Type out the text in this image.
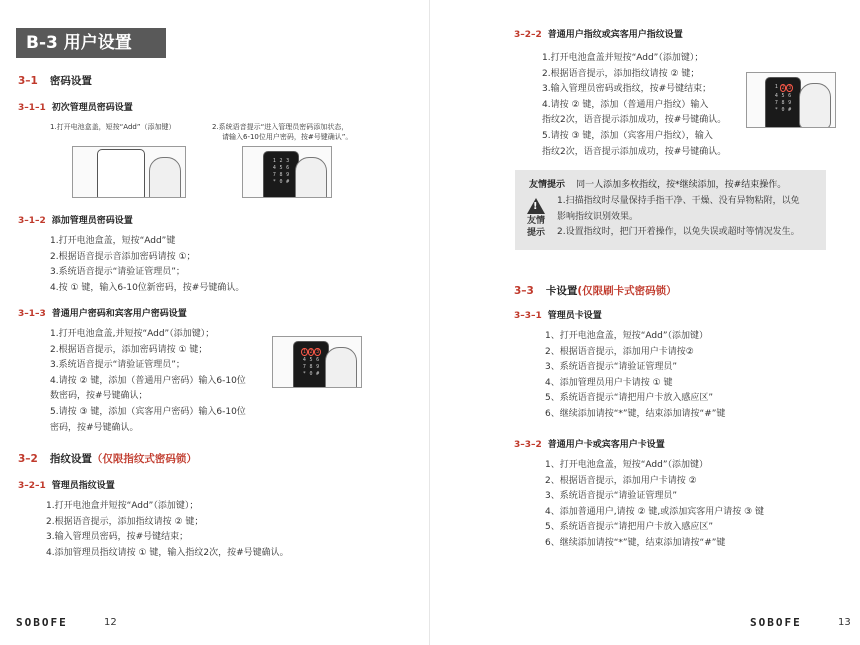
B-3 用户设置
3–1 密码设置
3–1–1 初次管理员密码设置
1.打开电池盒盖，短按“Add”（添加键）	2.系统语音提示“进入管理员密码添加状态，
请输入6-10位用户密码，按#号键确认”。
1 2 3
4 5 6
7 8 9
* 0 #
3–1–2 添加管理员密码设置
1.打开电池盒盖，短按“Add”键
2.根据语音提示音添加密码请按 ①；
3.系统语音提示“请验证管理员”；
4.按 ① 键，输入6-10位新密码，按#号键确认。
3–1–3 普通用户密码和宾客用户密码设置
1.打开电池盒盖,并短按“Add”（添加键）；
2.根据语音提示，添加密码请按 ① 键；
3.系统语音提示“请验证管理员”；
4.请按 ② 键，添加（普通用户密码）输入6-10位
数密码，按#号键确认；
5.请按 ③ 键，添加（宾客用户密码）输入6-10位
密码，按#号键确认。
1 2 3
4 5 6
7 8 9
* 0 #
3–2 指纹设置（仅限指纹式密码锁）
3–2–1 管理员指纹设置
1.打开电池盒并短按“Add”（添加键）；
2.根据语音提示，添加指纹请按 ② 键；
3.输入管理员密码，按#号键结束；
4.添加管理员指纹请按 ① 键，输入指纹2次，按#号键确认。
SOBOFE	12
3–2–2 普通用户指纹或宾客用户指纹设置
1.打开电池盒盖并短按“Add”（添加键）；
2.根据语音提示，添加指纹请按 ② 键；
3.输入管理员密码或指纹，按#号键结束；
4.请按 ② 键，添加（普通用户指纹）输入
指纹2次，语音提示添加成功，按#号键确认。
5.请按 ③ 键，添加（宾客用户指纹），输入
指纹2次，语音提示添加成功，按#号键确认。
1 2 3
4 5 6
7 8 9
* 0 #
友情提示 同一人添加多枚指纹，按*继续添加，按#结束操作。
!
友情
提示
1.扫描指纹时尽量保持手指干净、干燥、没有异物粘附，以免
影响指纹识别效果。
2.设置指纹时，把门开着操作，以免失误或超时等情况发生。
3–3 卡设置(仅限刷卡式密码锁）
3–3–1 管理员卡设置
1、打开电池盒盖，短按“Add”（添加键）
2、根据语音提示，添加用户卡请按②
3、系统语音提示“请验证管理员”
4、添加管理员用户卡请按 ① 键
5、系统语音提示“请把用户卡放入感应区”
6、继续添加请按“*”键，结束添加请按“#”键
3–3–2 普通用户卡或宾客用户卡设置
1、打开电池盒盖，短按“Add”（添加键）
2、根据语音提示，添加用户卡请按 ②
3、系统语音提示“请验证管理员”
4、添加普通用户,请按 ② 键,或添加宾客用户请按 ③ 键
5、系统语音提示“请把用户卡放入感应区”
6、继续添加请按“*”键，结束添加请按“#”键
SOBOFE	13
